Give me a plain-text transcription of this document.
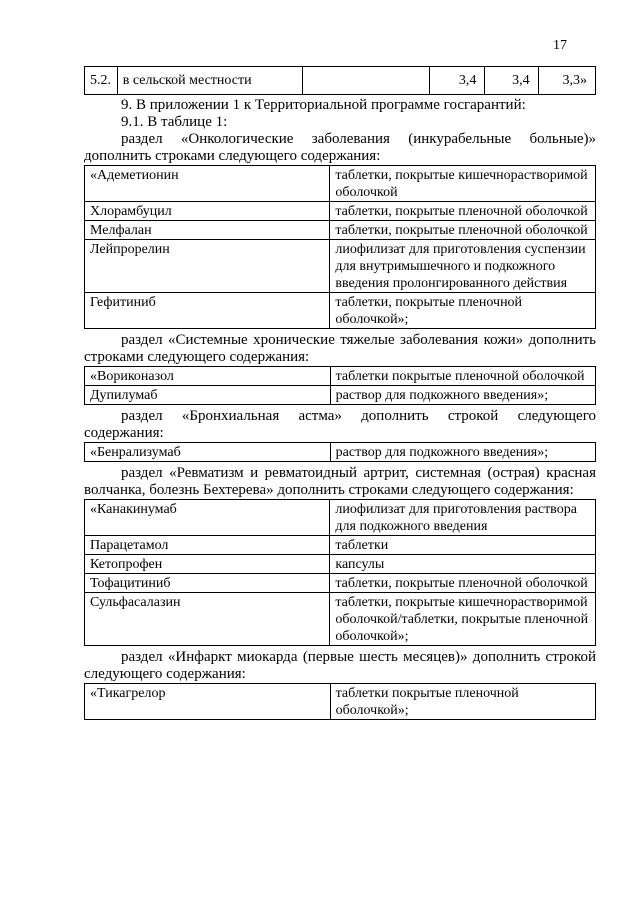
17
5.2.	в сельской местности		3,4	3,4	3,3»

9. В приложении 1 к Территориальной программе госгарантий:

9.1. В таблице 1:

раздел «Онкологические заболевания (инкурабельные больные)» дополнить строками следующего содержания:

«Адеметионин	таблетки, покрытые кишечнорастворимой оболочкой
Хлорамбуцил	таблетки, покрытые пленочной оболочкой
Мелфалан	таблетки, покрытые пленочной оболочкой
Лейпрорелин	лиофилизат для приготовления суспензии для внутримышечного и подкожного введения пролонгированного действия
Гефитиниб	таблетки, покрытые пленочной оболочкой»;

раздел «Системные хронические тяжелые заболевания кожи» дополнить строками следующего содержания:

«Вориконазол	таблетки покрытые пленочной оболочкой
Дупилумаб	раствор для подкожного введения»;

раздел «Бронхиальная астма» дополнить строкой следующего содержания:

«Бенрализумаб	раствор для подкожного введения»;

раздел «Ревматизм и ревматоидный артрит, системная (острая) красная волчанка, болезнь Бехтерева» дополнить строками следующего содержания:

«Канакинумаб	лиофилизат для приготовления раствора для подкожного введения
Парацетамол	таблетки
Кетопрофен	капсулы
Тофацитиниб	таблетки, покрытые пленочной оболочкой
Сульфасалазин	таблетки, покрытые кишечнорастворимой оболочкой/таблетки, покрытые пленочной оболочкой»;

раздел «Инфаркт миокарда (первые шесть месяцев)» дополнить строкой следующего содержания:

«Тикагрелор	таблетки покрытые пленочной оболочкой»;
